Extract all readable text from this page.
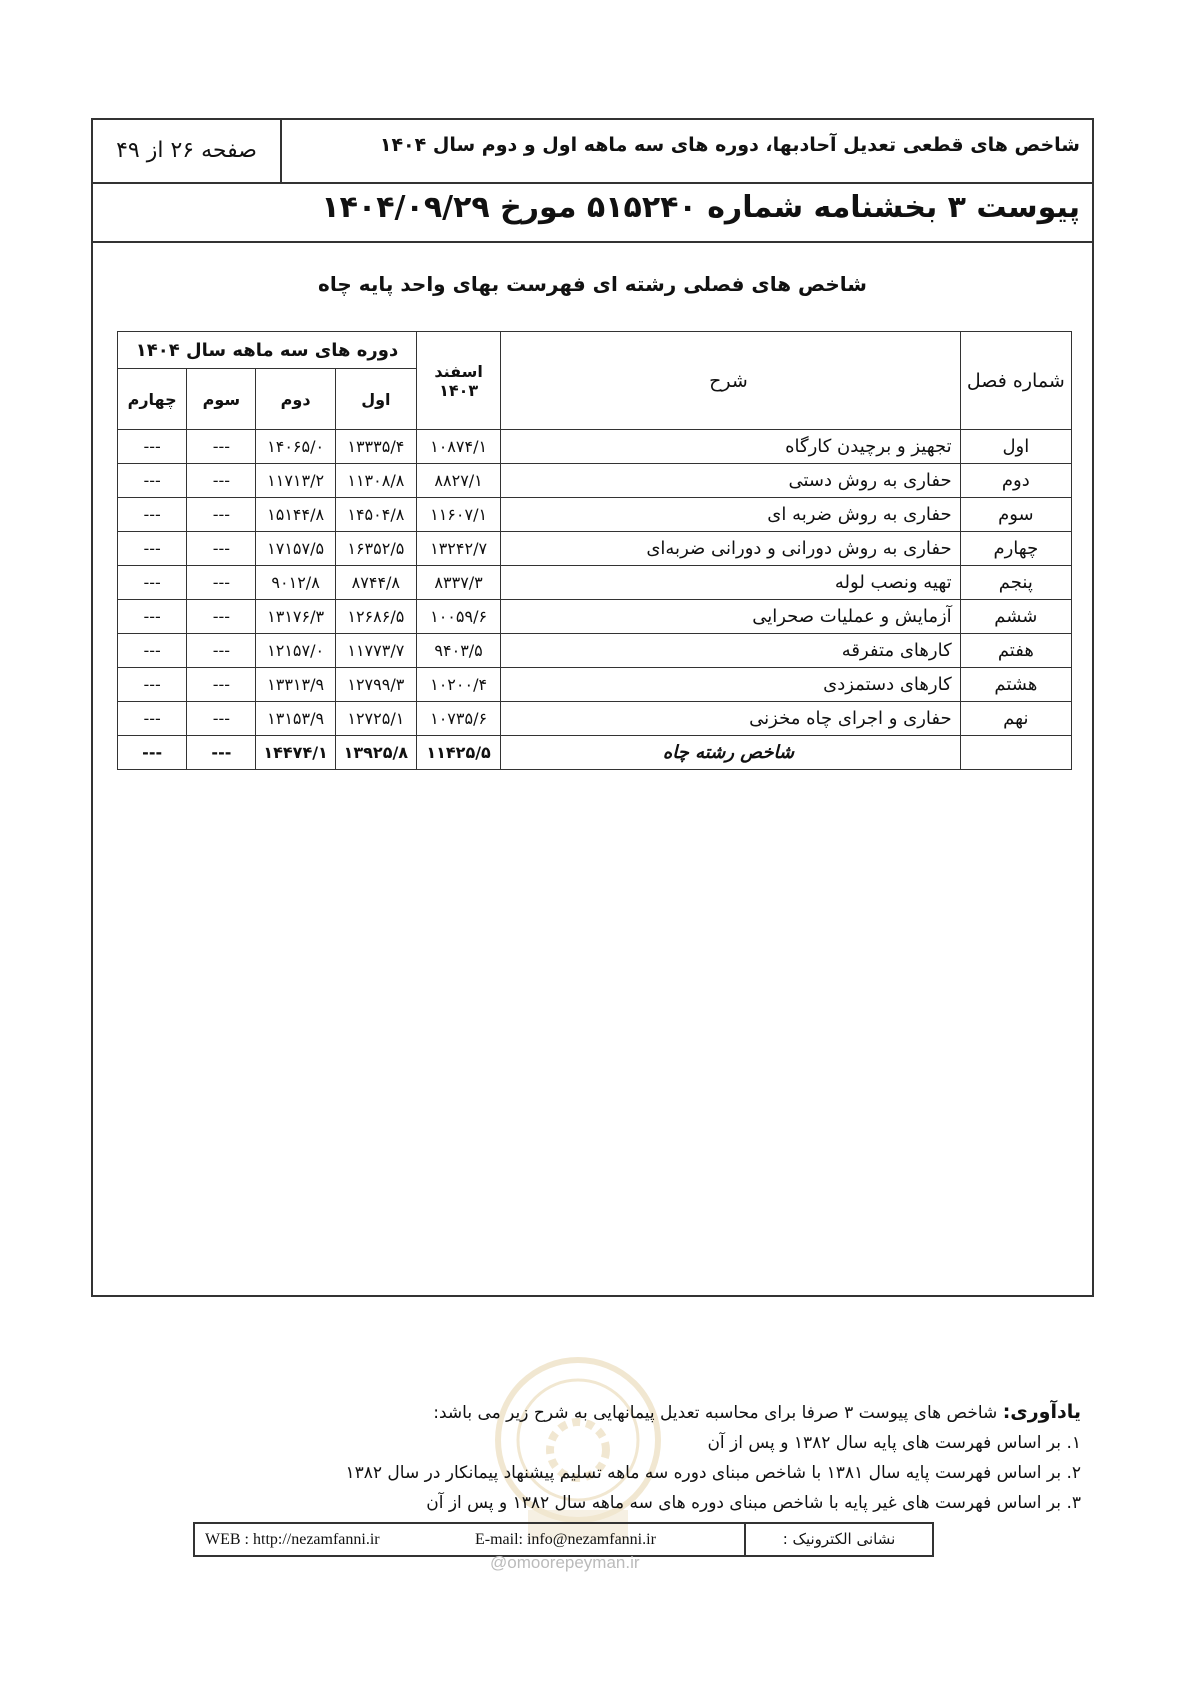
شاخص های قطعی تعدیل آحادبها، دوره های سه ماهه اول و دوم سال ۱۴۰۴
صفحه ۲۶ از ۴۹
پیوست ۳ بخشنامه شماره ۵۱۵۲۴۰ مورخ ۱۴۰۴/۰۹/۲۹
شاخص های فصلی رشته ای فهرست بهای واحد پایه چاه
شماره فصل	شرح	اسفند ۱۴۰۳	دوره های سه ماهه سال ۱۴۰۴			
			اول	دوم	سوم	چهارم
اول	تجهیز و برچیدن کارگاه	۱۰۸۷۴/۱	۱۳۳۳۵/۴	۱۴۰۶۵/۰	---	---
دوم	حفاری به روش دستی	۸۸۲۷/۱	۱۱۳۰۸/۸	۱۱۷۱۳/۲	---	---
سوم	حفاری به روش ضربه ای	۱۱۶۰۷/۱	۱۴۵۰۴/۸	۱۵۱۴۴/۸	---	---
چهارم	حفاری به روش دورانی و دورانی ضربه‌ای	۱۳۲۴۲/۷	۱۶۳۵۲/۵	۱۷۱۵۷/۵	---	---
پنجم	تهیه ونصب لوله	۸۳۳۷/۳	۸۷۴۴/۸	۹۰۱۲/۸	---	---
ششم	آزمایش و عملیات صحرایی	۱۰۰۵۹/۶	۱۲۶۸۶/۵	۱۳۱۷۶/۳	---	---
هفتم	کارهای متفرقه	۹۴۰۳/۵	۱۱۷۷۳/۷	۱۲۱۵۷/۰	---	---
هشتم	کارهای دستمزدی	۱۰۲۰۰/۴	۱۲۷۹۹/۳	۱۳۳۱۳/۹	---	---
نهم	حفاری و اجرای چاه مخزنی	۱۰۷۳۵/۶	۱۲۷۲۵/۱	۱۳۱۵۳/۹	---	---
	شاخص رشته چاه	۱۱۴۲۵/۵	۱۳۹۲۵/۸	۱۴۴۷۴/۱	---	---
یادآوری: شاخص های پیوست ۳ صرفا برای محاسبه تعدیل پیمانهایی به شرح زیر می باشد:
۱. بر اساس فهرست های پایه سال ۱۳۸۲ و پس از آن
۲. بر اساس فهرست پایه سال ۱۳۸۱ با شاخص مبنای دوره سه ماهه تسلیم پیشنهاد پیمانکار در سال ۱۳۸۲
۳. بر اساس فهرست های غیر پایه با شاخص مبنای دوره های سه ماهه سال ۱۳۸۲ و پس از آن
WEB : http://nezamfanni.ir	E-mail: info@nezamfanni.ir	نشانی الکترونیک :
@omoorepeyman.ir
